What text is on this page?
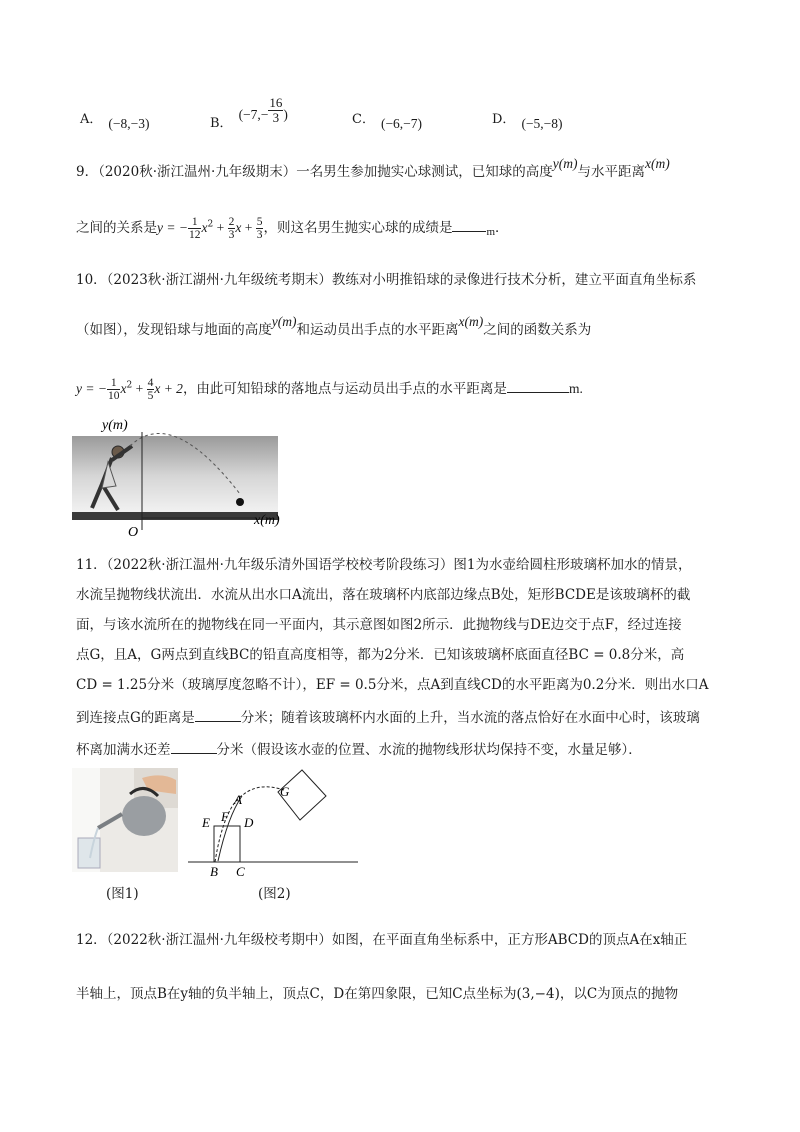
A． (−8,−3)	B．($-7,- \frac{16}{3}$ )	C． (−6,−7)	D． (−5,−8)
9．（2020秋·浙江温州·九年级期末）一名男生参加抛实心球测试，已知球的高度y(m)与水平距离x(m)
之间的关系是y = − $\frac{1}{12} x^2 + \frac{2}{3}$ $x + \frac{5}{3}$ ，则这名男生抛实心球的成绩是	$_m$．
10．（2023秋·浙江湖州·九年级统考期末）教练对小明推铅球的录像进行技术分析，建立平面直角坐标系
（如图），发现铅球与地面的高度y(m)和运动员出手点的水平距离x(m)之间的函数关系为
y = − $\frac{1}{10} x^2 + \frac{4}{5}$ x + 2，由此可知铅球的落地点与运动员出手点的水平距离是	m.
y(m)
x(m)
O
11．（2022秋·浙江温州·九年级乐清外国语学校校考阶段练习）图1为水壶给圆柱形玻璃杯加水的情景，
水流呈抛物线状流出．水流从出水口A流出，落在玻璃杯内底部边缘点B处，矩形BCDE是该玻璃杯的截
面，与该水流所在的抛物线在同一平面内，其示意图如图2所示．此抛物线与DE边交于点F，经过连接
点G，且A，G两点到直线BC的铅直高度相等，都为2分米．已知该玻璃杯底面直径BC = 0.8分米，高
CD = 1.25分米（玻璃厚度忽略不计），EF = 0.5分米，点A到直线CD的水平距离为0.2分米．则出水口A
到连接点G的距离是	分米；随着该玻璃杯内水面的上升，当水流的落点恰好在水面中心时，该玻璃
杯离加满水还差	分米（假设该水壶的位置、水流的抛物线形状均保持不变，水量足够）．
(图1)
A
G
E F D
B C
(图2)
12．（2022秋·浙江温州·九年级校考期中）如图，在平面直角坐标系中，正方形ABCD的顶点A在x轴正
半轴上，顶点B在y轴的负半轴上，顶点C，D在第四象限，已知C点坐标为(3,−4)，以C为顶点的抛物
